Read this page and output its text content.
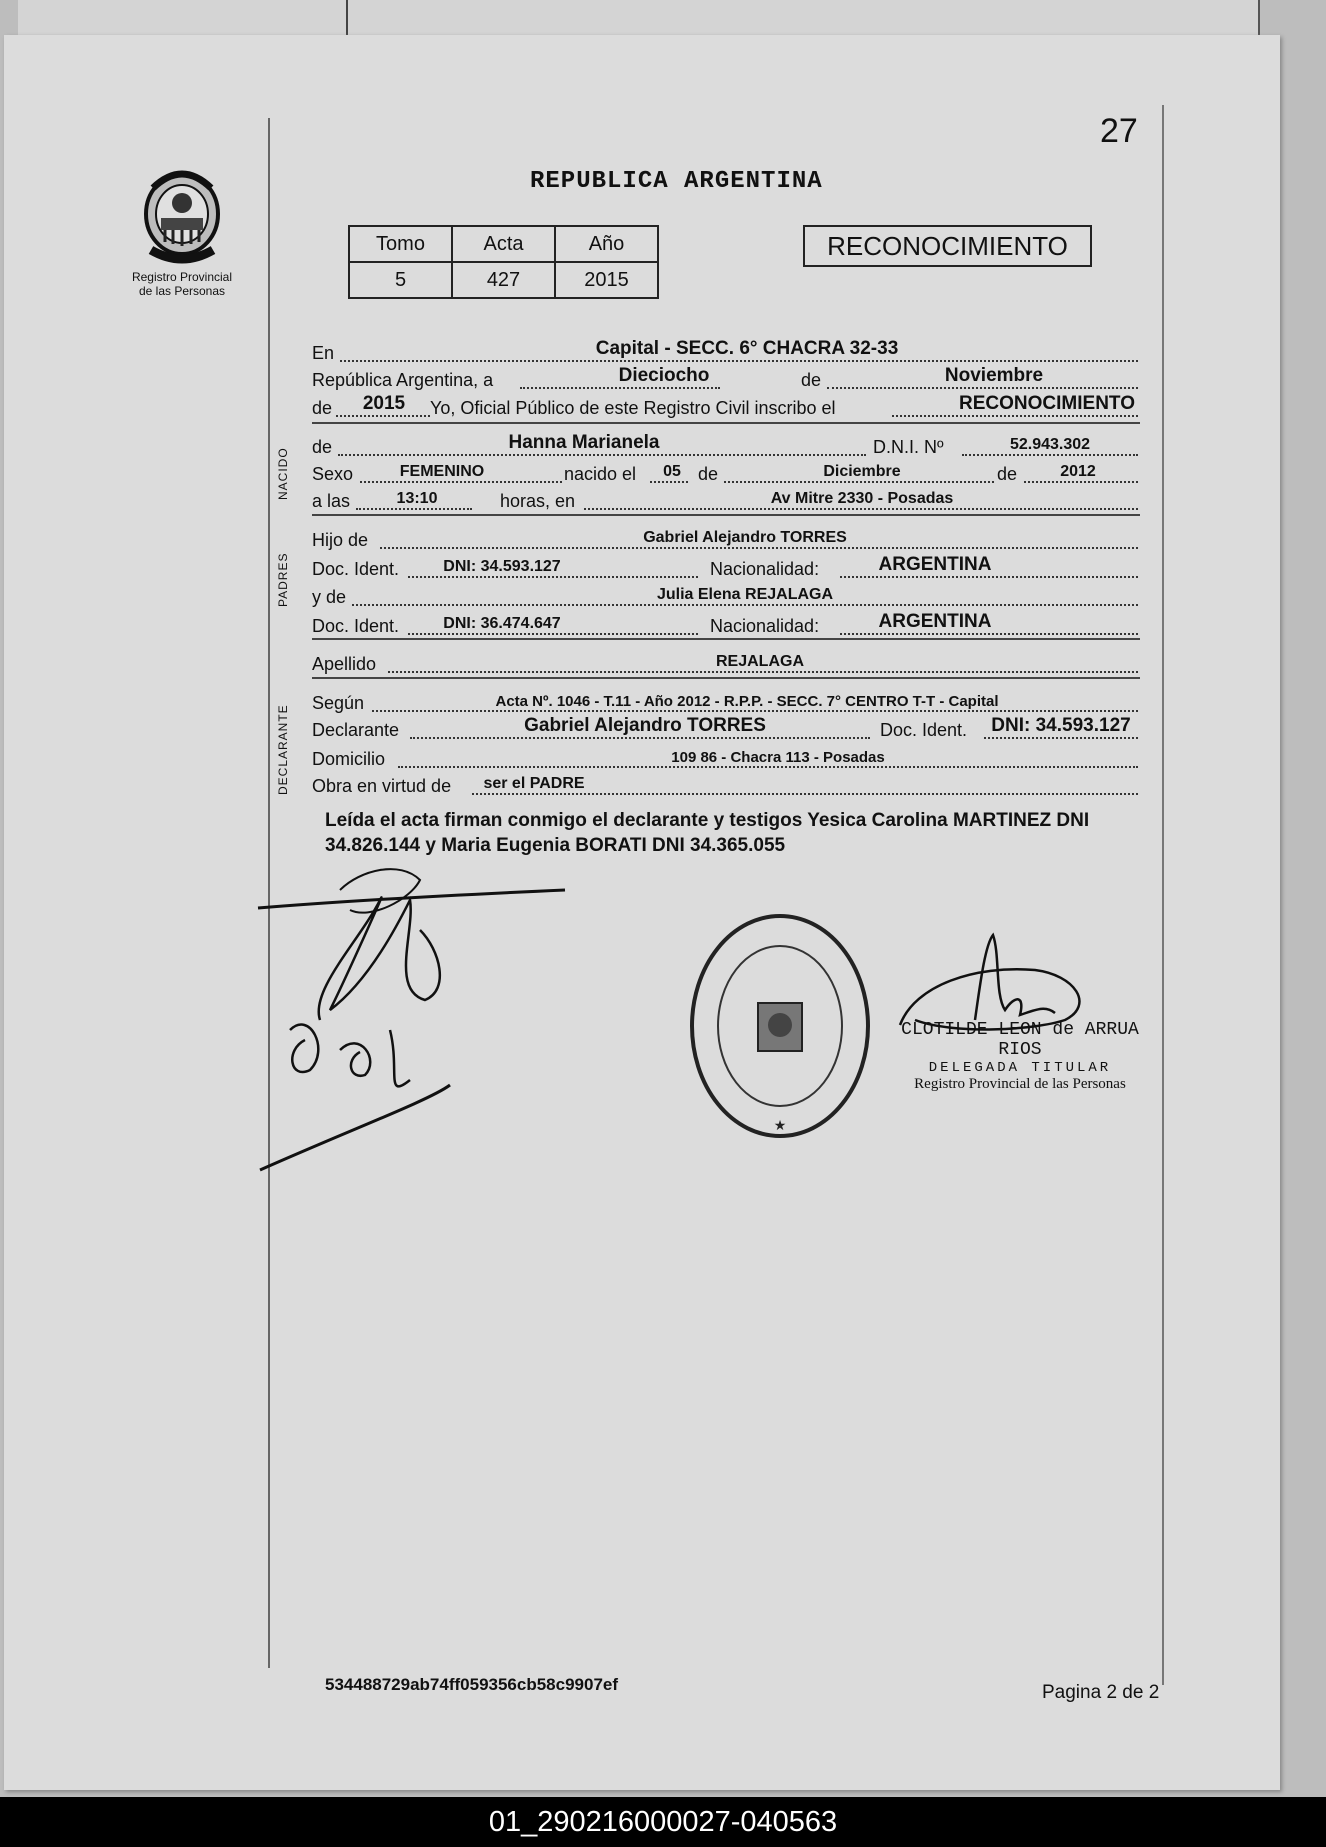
27
Registro Provincial
de las Personas
REPUBLICA ARGENTINA
Tomo	Acta	Año
5	427	2015
RECONOCIMIENTO
NACIDO
PADRES
DECLARANTE
En	Capital - SECC. 6° CHACRA 32-33
República Argentina, a	Dieciocho	de	Noviembre
de 2015 Yo, Oficial Público de este Registro Civil inscribo el	RECONOCIMIENTO
de	Hanna Marianela	D.N.I. Nº	52.943.302
Sexo	FEMENINO	nacido el 05 de	Diciembre	de	2012
a las	13:10	horas, en	Av Mitre 2330 - Posadas
Hijo de	Gabriel Alejandro TORRES
Doc. Ident.	DNI: 34.593.127	Nacionalidad:	ARGENTINA
y de	Julia Elena REJALAGA
Doc. Ident.	DNI: 36.474.647	Nacionalidad:	ARGENTINA
Apellido	REJALAGA
Según	Acta Nº. 1046 - T.11 - Año 2012 - R.P.P. - SECC. 7° CENTRO T-T - Capital
Declarante	Gabriel Alejandro TORRES	Doc. Ident. DNI: 34.593.127
Domicilio	109 86 - Chacra 113 - Posadas
Obra en virtud de ser el PADRE
Leída el acta firman conmigo el declarante y testigos Yesica Carolina MARTINEZ DNI 34.826.144 y Maria Eugenia BORATI DNI 34.365.055
★
CLOTILDE LEON de ARRUA RIOS
DELEGADA TITULAR
Registro Provincial de las Personas
534488729ab74ff059356cb58c9907ef	Pagina 2 de 2
01_290216000027-040563
